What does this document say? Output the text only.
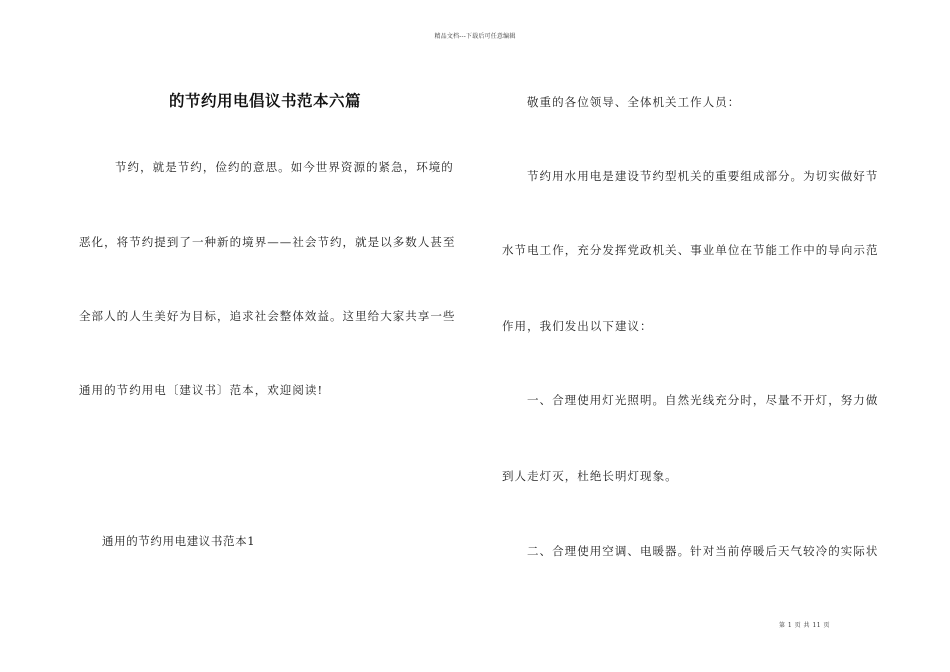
精品文档---下载后可任意编辑
的节约用电倡议书范本六篇
节约，就是节约，俭约的意思。如今世界资源的紧急，环境的
恶化，将节约提到了一种新的境界——社会节约，就是以多数人甚至
全部人的人生美好为目标，追求社会整体效益。这里给大家共享一些
通用的节约用电〔建议书〕范本，欢迎阅读!
通用的节约用电建议书范本1
敬重的各位领导、全体机关工作人员：
节约用水用电是建设节约型机关的重要组成部分。为切实做好节
水节电工作，充分发挥党政机关、事业单位在节能工作中的导向示范
作用，我们发出以下建议：
一、合理使用灯光照明。自然光线充分时，尽量不开灯，努力做
到人走灯灭，杜绝长明灯现象。
二、合理使用空调、电暖器。针对当前停暖后天气较冷的实际状
第 1 页 共 11 页
